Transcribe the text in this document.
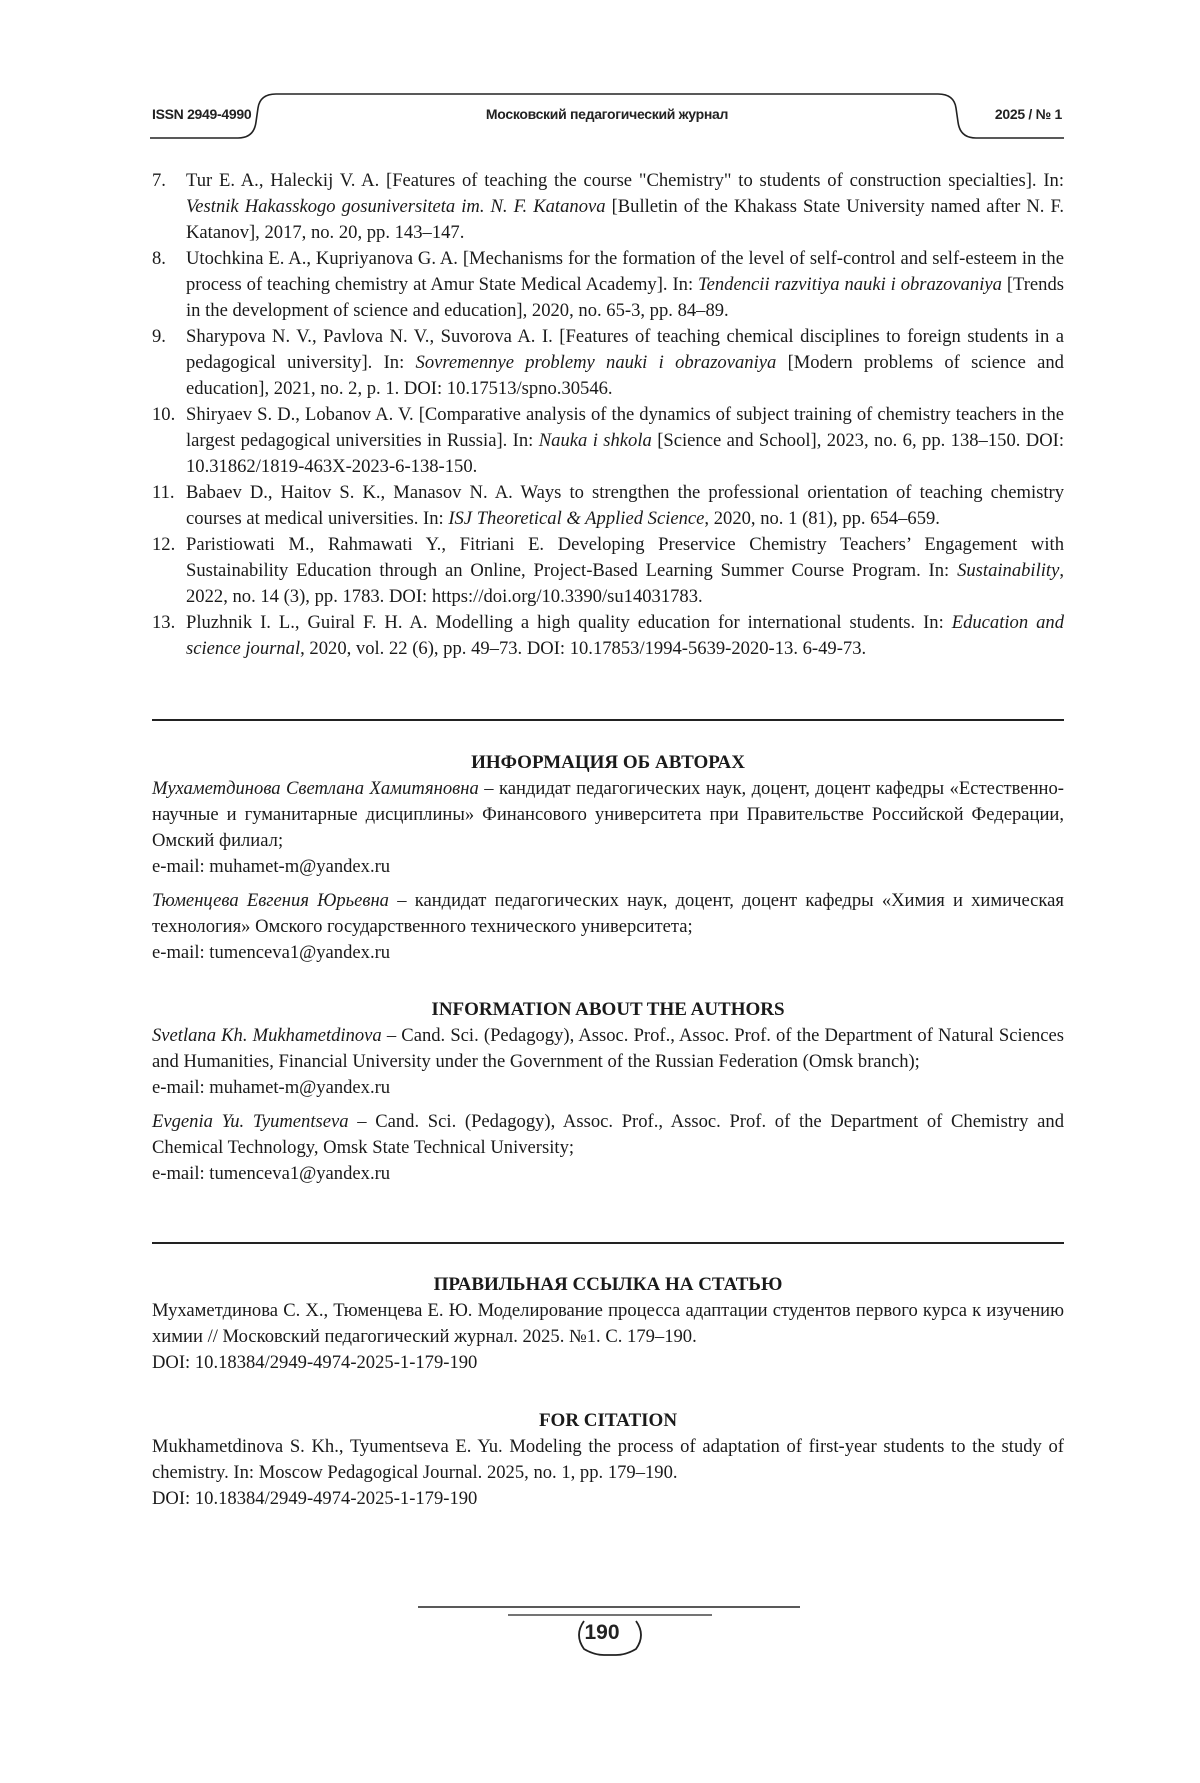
ISSN 2949-4990	Московский педагогический журнал	2025 / № 1
7. Tur E. A., Haleckij V. A. [Features of teaching the course "Chemistry" to students of construction specialties]. In: Vestnik Hakasskogo gosuniversiteta im. N. F. Katanova [Bulletin of the Khakass State University named after N. F. Katanov], 2017, no. 20, pp. 143–147.
8. Utochkina E. A., Kupriyanova G. A. [Mechanisms for the formation of the level of self-control and self-esteem in the process of teaching chemistry at Amur State Medical Academy]. In: Tendencii razvitiya nauki i obrazovaniya [Trends in the development of science and education], 2020, no. 65-3, pp. 84–89.
9. Sharypova N. V., Pavlova N. V., Suvorova A. I. [Features of teaching chemical disciplines to foreign students in a pedagogical university]. In: Sovremennye problemy nauki i obrazovaniya [Modern problems of science and education], 2021, no. 2, p. 1. DOI: 10.17513/spno.30546.
10. Shiryaev S. D., Lobanov A. V. [Comparative analysis of the dynamics of subject training of chemistry teachers in the largest pedagogical universities in Russia]. In: Nauka i shkola [Science and School], 2023, no. 6, pp. 138–150. DOI: 10.31862/1819-463X-2023-6-138-150.
11. Babaev D., Haitov S. K., Manasov N. A. Ways to strengthen the professional orientation of teaching chemistry courses at medical universities. In: ISJ Theoretical & Applied Science, 2020, no. 1 (81), pp. 654–659.
12. Paristiowati M., Rahmawati Y., Fitriani E. Developing Preservice Chemistry Teachers’ Engagement with Sustainability Education through an Online, Project-Based Learning Summer Course Program. In: Sustainability, 2022, no. 14 (3), pp. 1783. DOI: https://doi.org/10.3390/su14031783.
13. Pluzhnik I. L., Guiral F. H. A. Modelling a high quality education for international students. In: Education and science journal, 2020, vol. 22 (6), pp. 49–73. DOI: 10.17853/1994-5639-2020-13. 6-49-73.
ИНФОРМАЦИЯ ОБ АВТОРАХ
Мухаметдинова Светлана Хамитяновна – кандидат педагогических наук, доцент, доцент кафедры «Естественно-научные и гуманитарные дисциплины» Финансового университета при Правительстве Российской Федерации, Омский филиал;
e-mail: muhamet-m@yandex.ru
Тюменцева Евгения Юрьевна – кандидат педагогических наук, доцент, доцент кафедры «Химия и химическая технология» Омского государственного технического университета;
e-mail: tumenceva1@yandex.ru
INFORMATION ABOUT THE AUTHORS
Svetlana Kh. Mukhametdinova – Cand. Sci. (Pedagogy), Assoc. Prof., Assoc. Prof. of the Department of Natural Sciences and Humanities, Financial University under the Government of the Russian Federation (Omsk branch);
e-mail: muhamet-m@yandex.ru
Evgenia Yu. Tyumentseva – Cand. Sci. (Pedagogy), Assoc. Prof., Assoc. Prof. of the Department of Chemistry and Chemical Technology, Omsk State Technical University;
e-mail: tumenceva1@yandex.ru
ПРАВИЛЬНАЯ ССЫЛКА НА СТАТЬЮ
Мухаметдинова С. Х., Тюменцева Е. Ю. Моделирование процесса адаптации студентов первого курса к изучению химии // Московский педагогический журнал. 2025. №1. С. 179–190.
DOI: 10.18384/2949-4974-2025-1-179-190
FOR CITATION
Mukhametdinova S. Kh., Tyumentseva E. Yu. Modeling the process of adaptation of first-year students to the study of chemistry. In: Moscow Pedagogical Journal. 2025, no. 1, pp. 179–190.
DOI: 10.18384/2949-4974-2025-1-179-190
190
